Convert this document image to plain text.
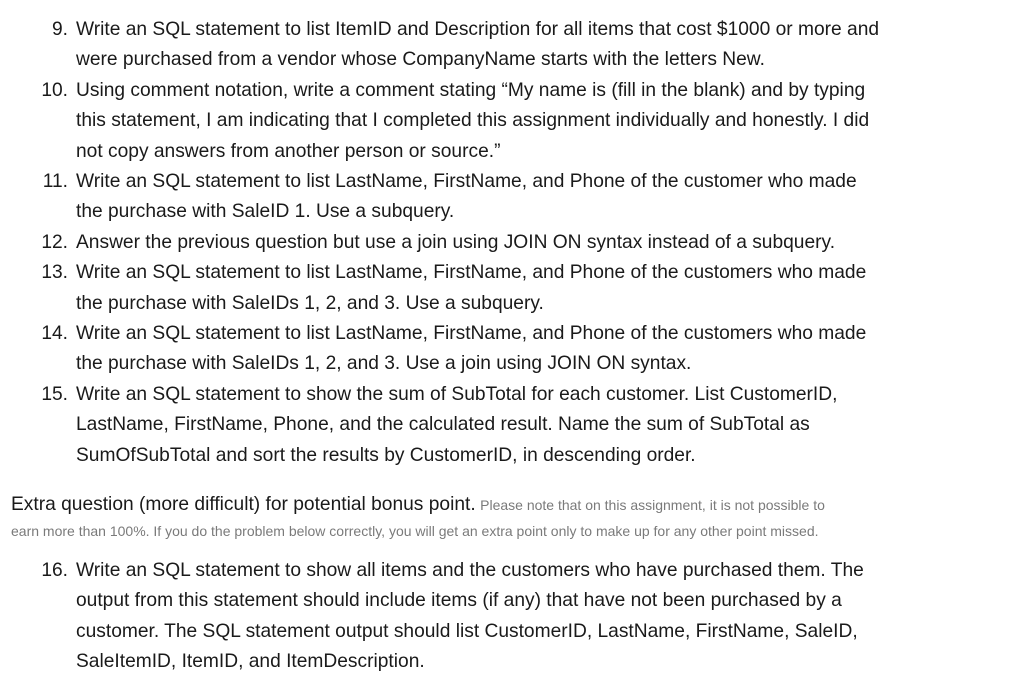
9. Write an SQL statement to list ItemID and Description for all items that cost $1000 or more and
were purchased from a vendor whose CompanyName starts with the letters New.
10. Using comment notation, write a comment stating “My name is (fill in the blank) and by typing
this statement, I am indicating that I completed this assignment individually and honestly. I did
not copy answers from another person or source.”
11. Write an SQL statement to list LastName, FirstName, and Phone of the customer who made
the purchase with SaleID 1. Use a subquery.
12. Answer the previous question but use a join using JOIN ON syntax instead of a subquery.
13. Write an SQL statement to list LastName, FirstName, and Phone of the customers who made
the purchase with SaleIDs 1, 2, and 3. Use a subquery.
14. Write an SQL statement to list LastName, FirstName, and Phone of the customers who made
the purchase with SaleIDs 1, 2, and 3. Use a join using JOIN ON syntax.
15. Write an SQL statement to show the sum of SubTotal for each customer. List CustomerID,
LastName, FirstName, Phone, and the calculated result. Name the sum of SubTotal as
SumOfSubTotal and sort the results by CustomerID, in descending order.
Extra question (more difficult) for potential bonus point. Please note that on this assignment, it is not possible to
earn more than 100%. If you do the problem below correctly, you will get an extra point only to make up for any other point missed.
16. Write an SQL statement to show all items and the customers who have purchased them. The
output from this statement should include items (if any) that have not been purchased by a
customer. The SQL statement output should list CustomerID, LastName, FirstName, SaleID,
SaleItemID, ItemID, and ItemDescription.
